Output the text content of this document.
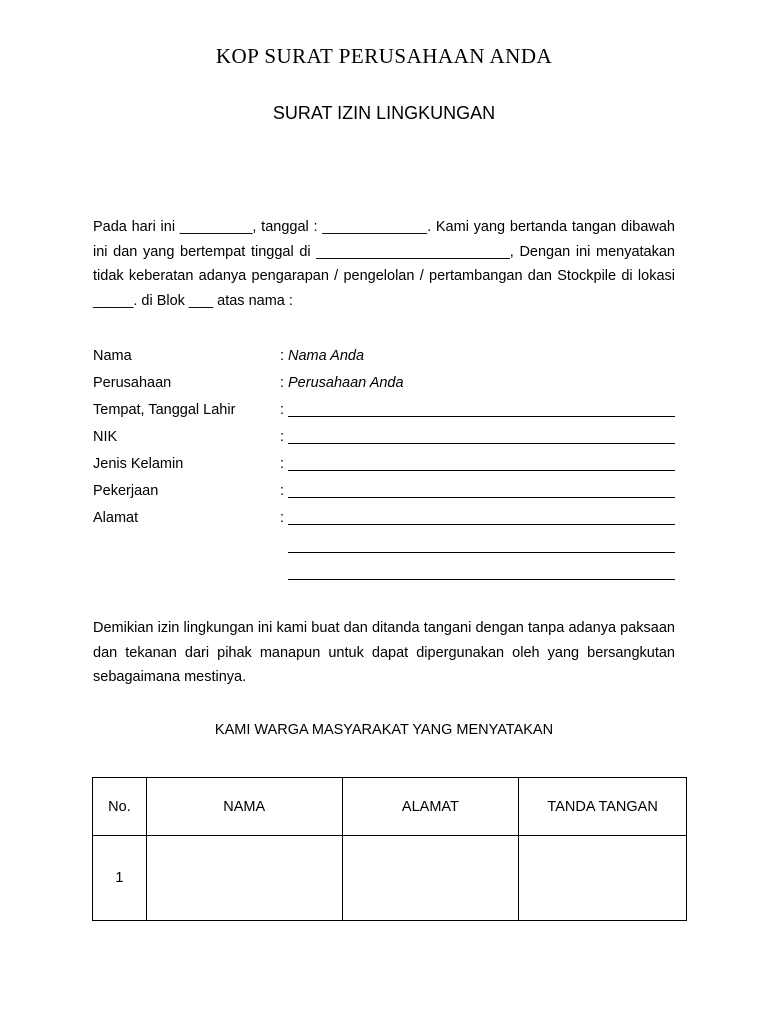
KOP SURAT PERUSAHAAN ANDA
SURAT IZIN LINGKUNGAN
Pada hari ini _________, tanggal : _____________. Kami yang bertanda tangan dibawah ini dan yang bertempat tinggal di ________________________, Dengan ini menyatakan tidak keberatan adanya pengarapan / pengelolan / pertambangan dan Stockpile di lokasi _____. di Blok ___ atas nama :
Nama	: Nama Anda
Perusahaan	: Perusahaan Anda
Tempat, Tanggal Lahir	:
NIK	:
Jenis Kelamin	:
Pekerjaan	:
Alamat	:
Demikian izin lingkungan ini kami buat dan ditanda tangani dengan tanpa adanya paksaan dan tekanan dari pihak manapun untuk dapat dipergunakan oleh yang bersangkutan sebagaimana mestinya.
KAMI WARGA MASYARAKAT YANG MENYATAKAN
No.	NAMA	ALAMAT	TANDA TANGAN
1			
